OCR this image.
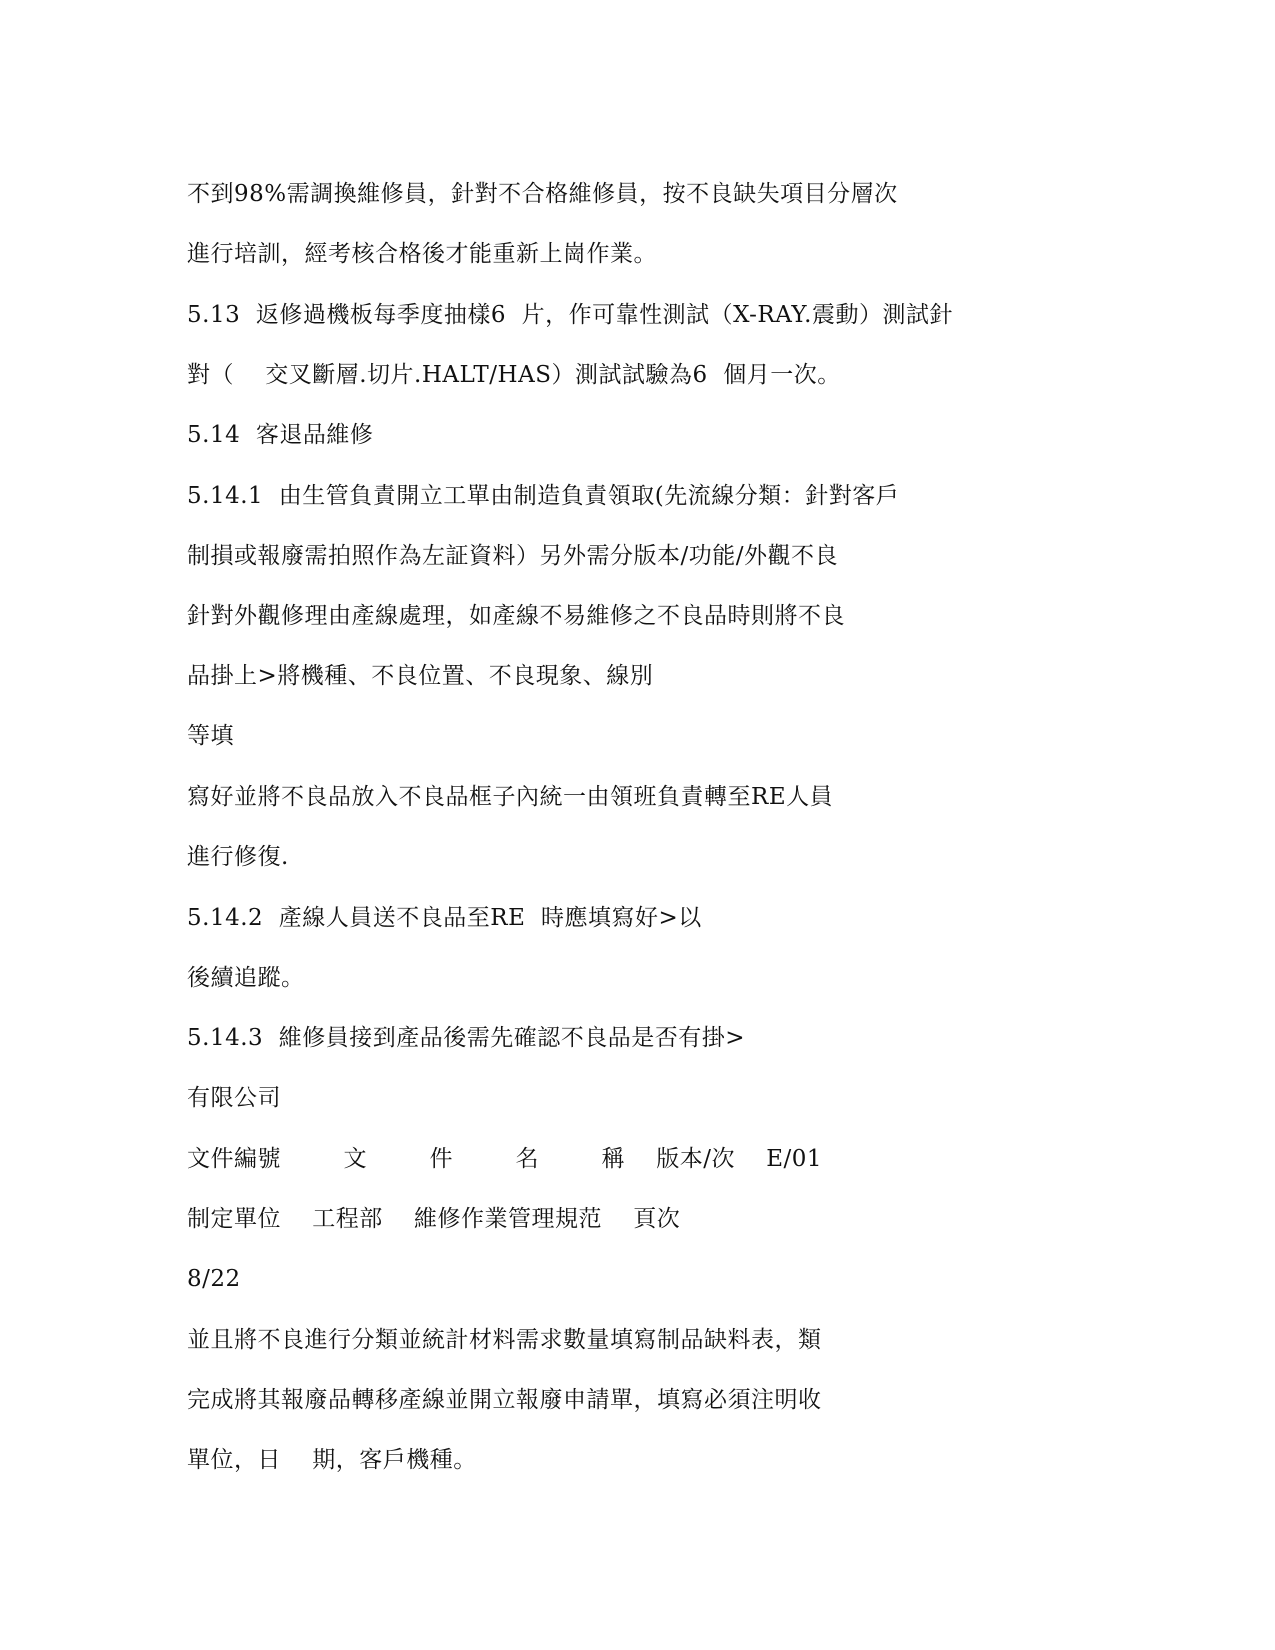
不到98%需調換維修員，針對不合格維修員，按不良缺失項目分層次
進行培訓，經考核合格後才能重新上崗作業。
5.13  返修過機板每季度抽樣6  片，作可靠性測試（X-RAY.震動）測試針
對（    交叉斷層.切片.HALT/HAS）測試試驗為6  個月一次。
5.14  客退品維修
5.14.1  由生管負責開立工單由制造負責領取(先流線分類：針對客戶
制損或報廢需拍照作為左証資料）另外需分版本/功能/外觀不良
針對外觀修理由產線處理，如產線不易維修之不良品時則將不良
品掛上>將機種、不良位置、不良現象、線別
等填
寫好並將不良品放入不良品框子內統一由領班負責轉至RE人員
進行修復.
5.14.2  產線人員送不良品至RE  時應填寫好>以
後續追蹤。
5.14.3  維修員接到產品後需先確認不良品是否有掛>
有限公司
文件編號        文        件        名        稱    版本/次    E/01
制定單位    工程部    維修作業管理規范    頁次
8/22
並且將不良進行分類並統計材料需求數量填寫制品缺料表，類
完成將其報廢品轉移產線並開立報廢申請單，填寫必須注明收
單位，日    期，客戶機種。
